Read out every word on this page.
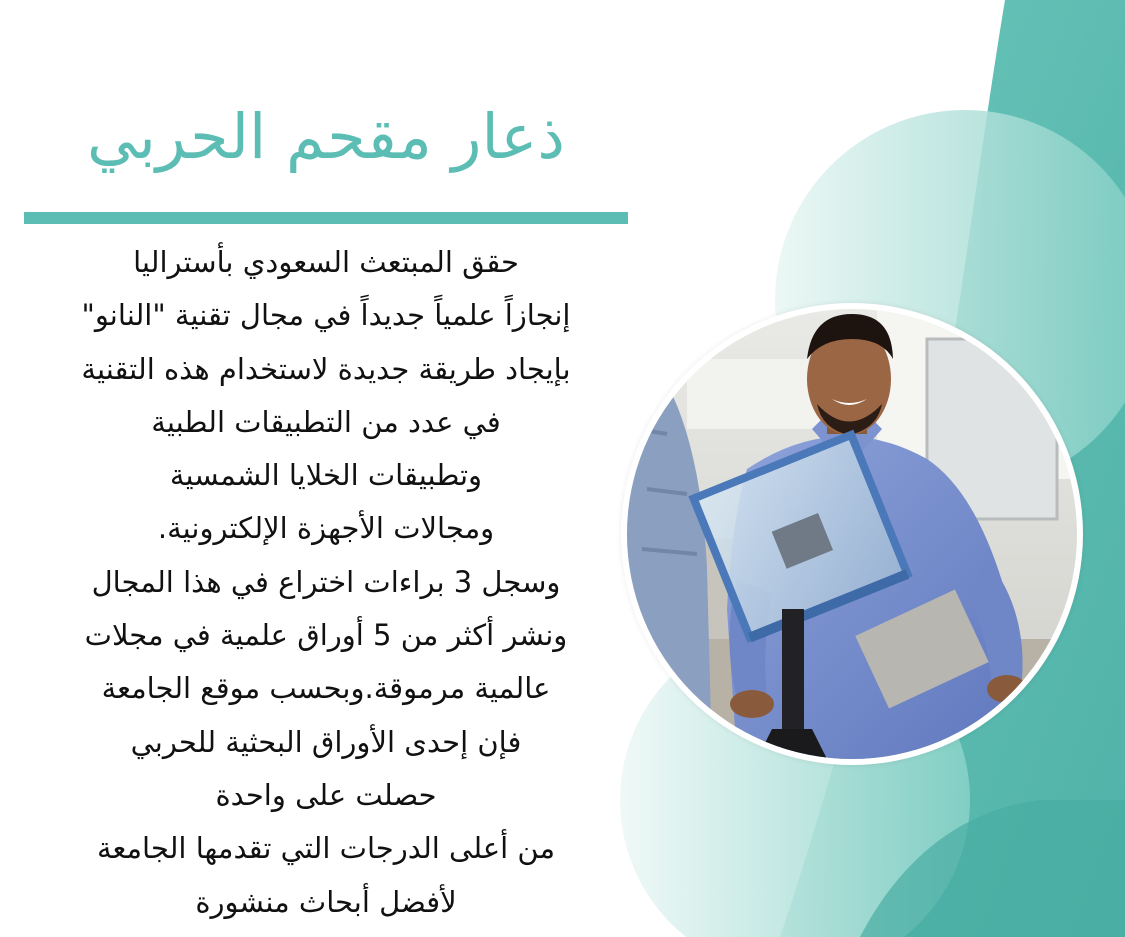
ذعار مقحم الحربي

حقق المبتعث السعودي بأستراليا
إنجازاً علمياً جديداً في مجال تقنية "النانو"
بإيجاد طريقة جديدة لاستخدام هذه التقنية
في عدد من التطبيقات الطبية
وتطبيقات الخلايا الشمسية
ومجالات الأجهزة الإلكترونية.
وسجل 3 براءات اختراع في هذا المجال
ونشر أكثر من 5 أوراق علمية في مجلات
عالمية مرموقة.وبحسب موقع الجامعة
فإن إحدى الأوراق البحثية للحربي
حصلت على واحدة
من أعلى الدرجات التي تقدمها الجامعة
لأفضل أبحاث منشورة
